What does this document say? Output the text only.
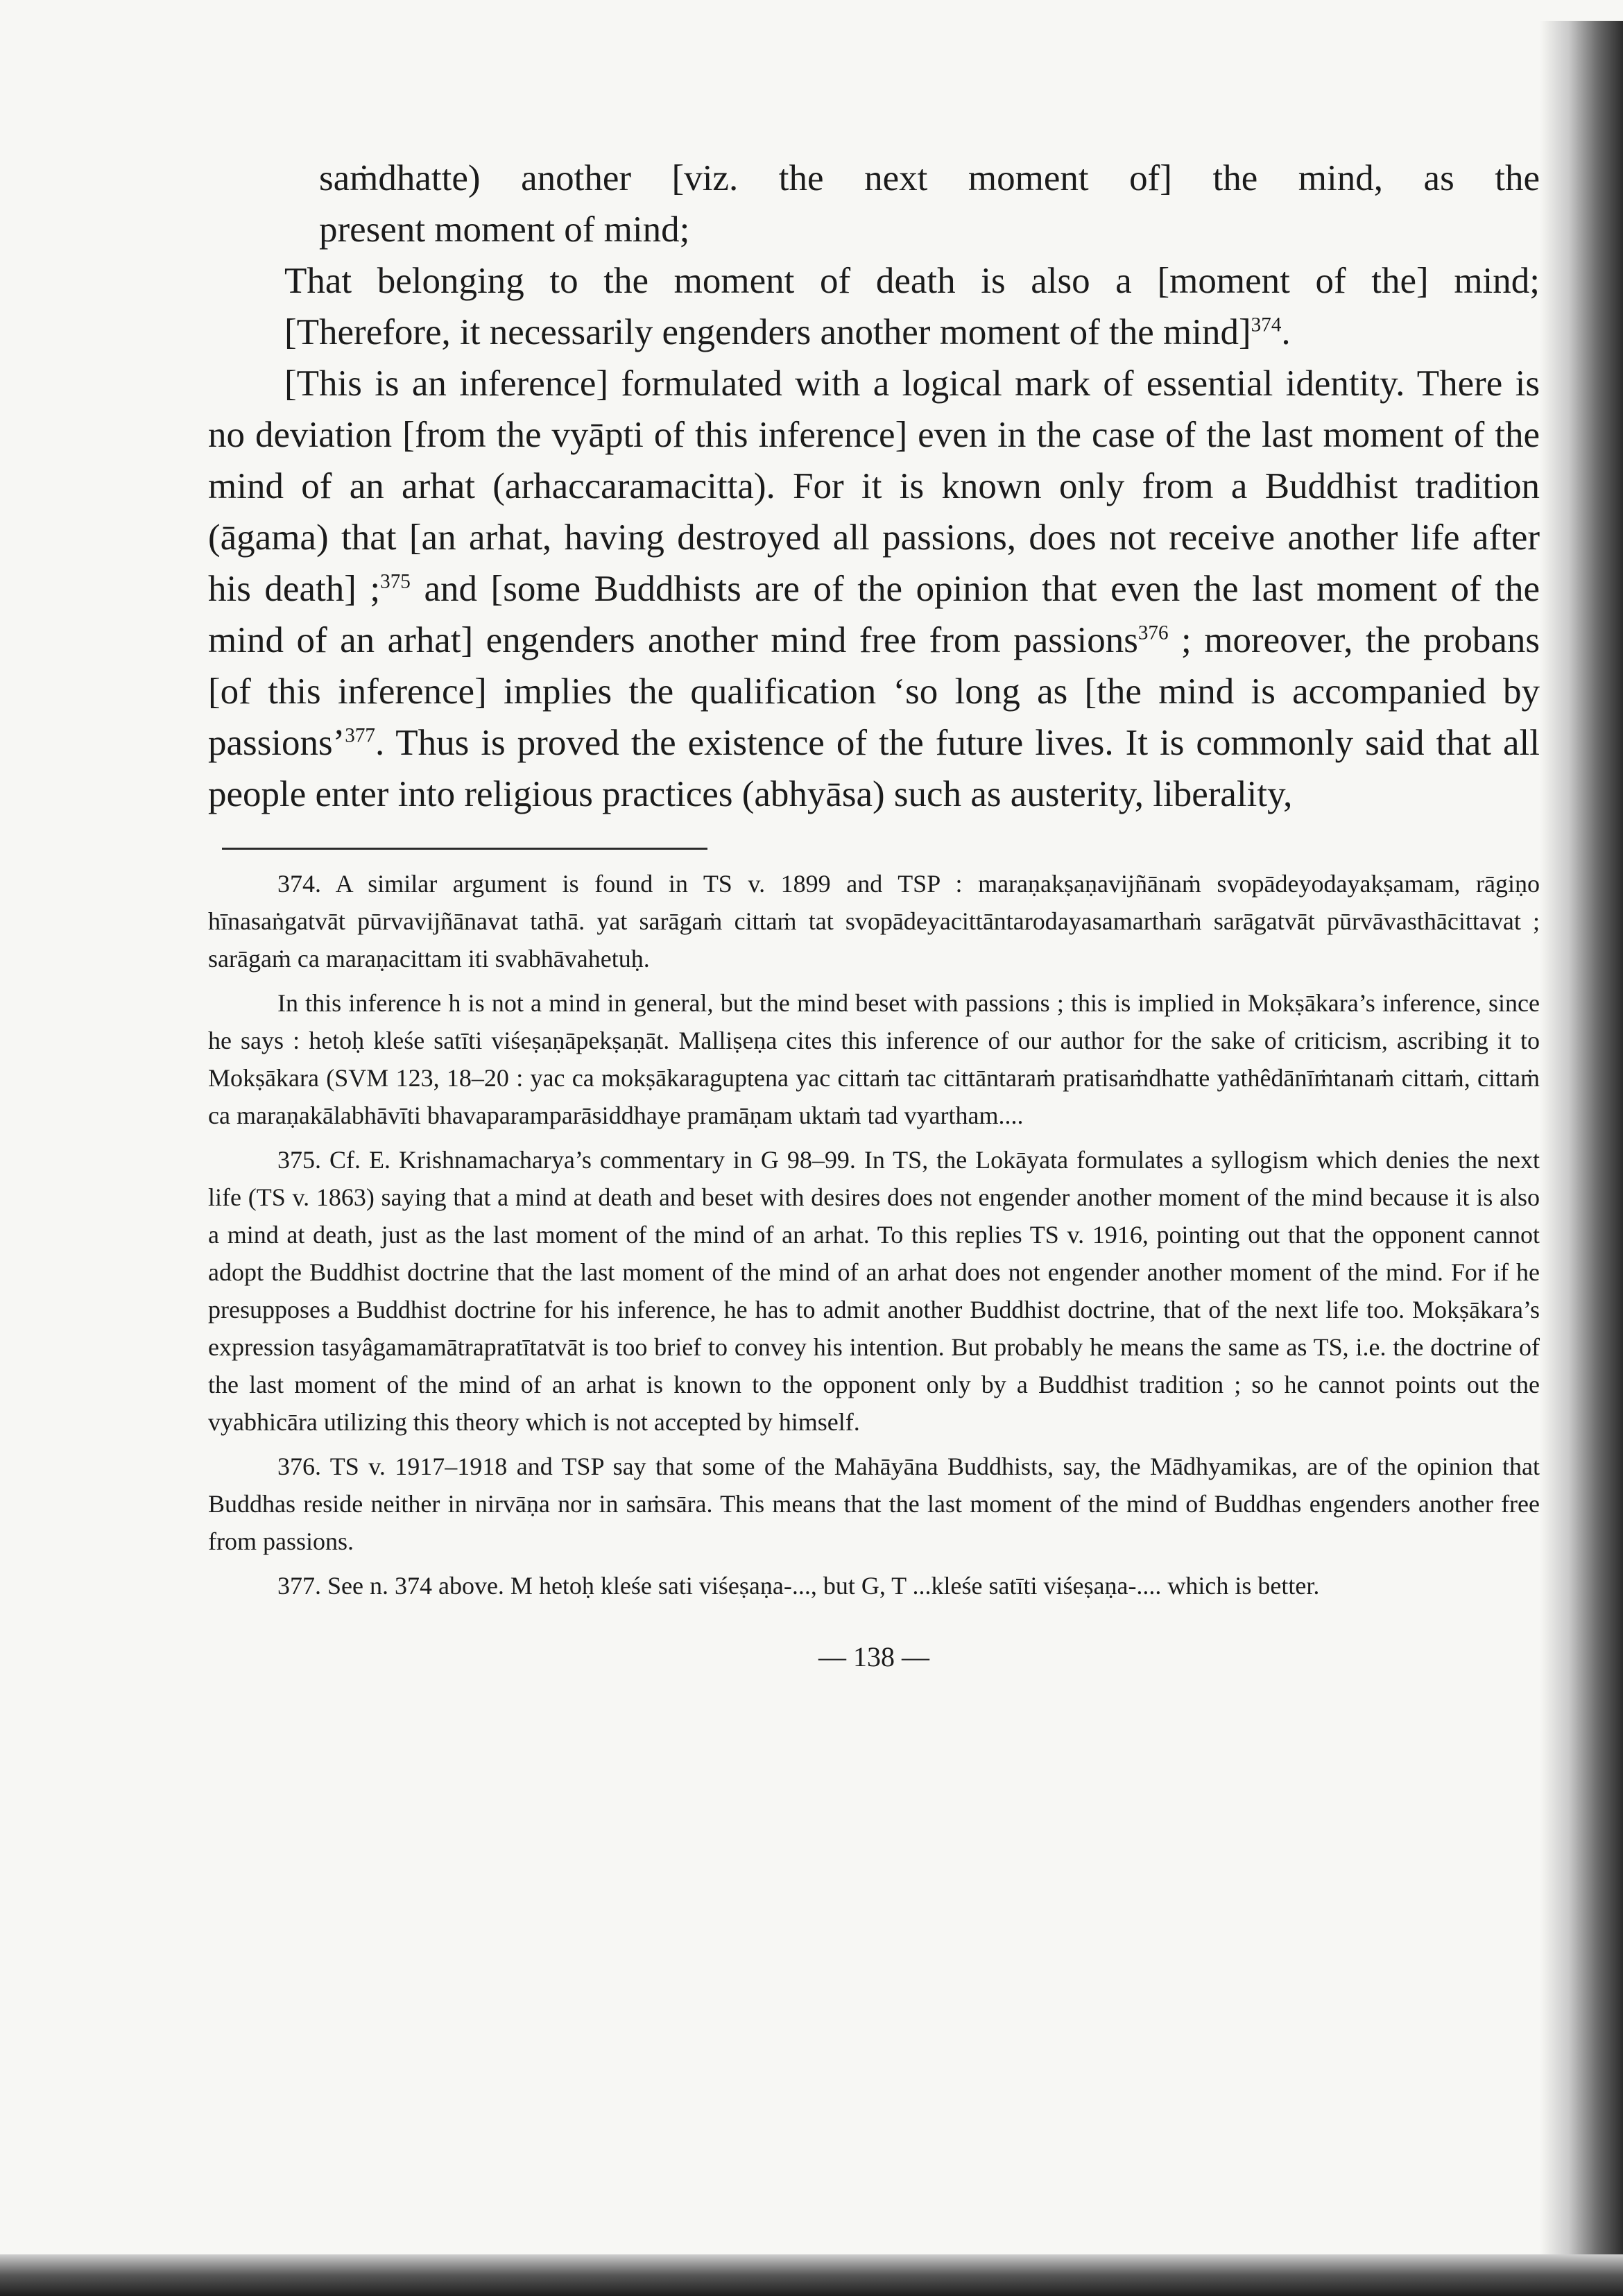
saṁdhatte) another [viz. the next moment of] the mind, as the

present moment of mind;

That belonging to the moment of death is also a [moment of the] mind;

[Therefore, it necessarily engenders another moment of the mind]$^{374}$.

[This is an inference] formulated with a logical mark of essential identity. There is no deviation [from the vyāpti of this inference] even in the case of the last moment of the mind of an arhat (arhaccaramacitta). For it is known only from a Buddhist tradition (āgama) that [an arhat, having destroyed all passions, does not receive another life after his death] ;$^{375}$ and [some Buddhists are of the opinion that even the last moment of the mind of an arhat] engenders another mind free from passions$^{376}$ ; moreover, the probans [of this inference] implies the qualification ‘so long as [the mind is accompanied by passions’$^{377}$. Thus is proved the existence of the future lives. It is commonly said that all people enter into religious practices (abhyāsa) such as austerity, liberality,

374. A similar argument is found in TS v. 1899 and TSP : maraṇakṣaṇavijñānaṁ svopādeyodayakṣamam, rāgiṇo hīnasaṅgatvāt pūrvavijñānavat tathā. yat sarāgaṁ cittaṁ tat svopādeyacittāntarodayasamarthaṁ sarāgatvāt pūrvāvasthācittavat ; sarāgaṁ ca maraṇacittam iti svabhāvahetuḥ.

In this inference h is not a mind in general, but the mind beset with passions ; this is implied in Mokṣākara’s inference, since he says : hetoḥ kleśe satīti viśeṣaṇāpekṣaṇāt. Malliṣeṇa cites this inference of our author for the sake of criticism, ascribing it to Mokṣākara (SVM 123, 18–20 : yac ca mokṣākaraguptena yac cittaṁ tac cittāntaraṁ pratisaṁdhatte yathêdānīṁtanaṁ cittaṁ, cittaṁ ca maraṇakālabhāvīti bhavaparamparāsiddhaye pramāṇam uktaṁ tad vyartham....

375. Cf. E. Krishnamacharya’s commentary in G 98–99. In TS, the Lokāyata formulates a syllogism which denies the next life (TS v. 1863) saying that a mind at death and beset with desires does not engender another moment of the mind because it is also a mind at death, just as the last moment of the mind of an arhat. To this replies TS v. 1916, pointing out that the opponent cannot adopt the Buddhist doctrine that the last moment of the mind of an arhat does not engender another moment of the mind. For if he presupposes a Buddhist doctrine for his inference, he has to admit another Buddhist doctrine, that of the next life too. Mokṣākara’s expression tasyâgamamātrapratītatvāt is too brief to convey his intention. But probably he means the same as TS, i.e. the doctrine of the last moment of the mind of an arhat is known to the opponent only by a Buddhist tradition ; so he cannot points out the vyabhicāra utilizing this theory which is not accepted by himself.

376. TS v. 1917–1918 and TSP say that some of the Mahāyāna Buddhists, say, the Mādhyamikas, are of the opinion that Buddhas reside neither in nirvāṇa nor in saṁsāra. This means that the last moment of the mind of Buddhas engenders another free from passions.

377. See n. 374 above. M hetoḥ kleśe sati viśeṣaṇa-..., but G, T ...kleśe satīti viśeṣaṇa-.... which is better.

— 138 —
